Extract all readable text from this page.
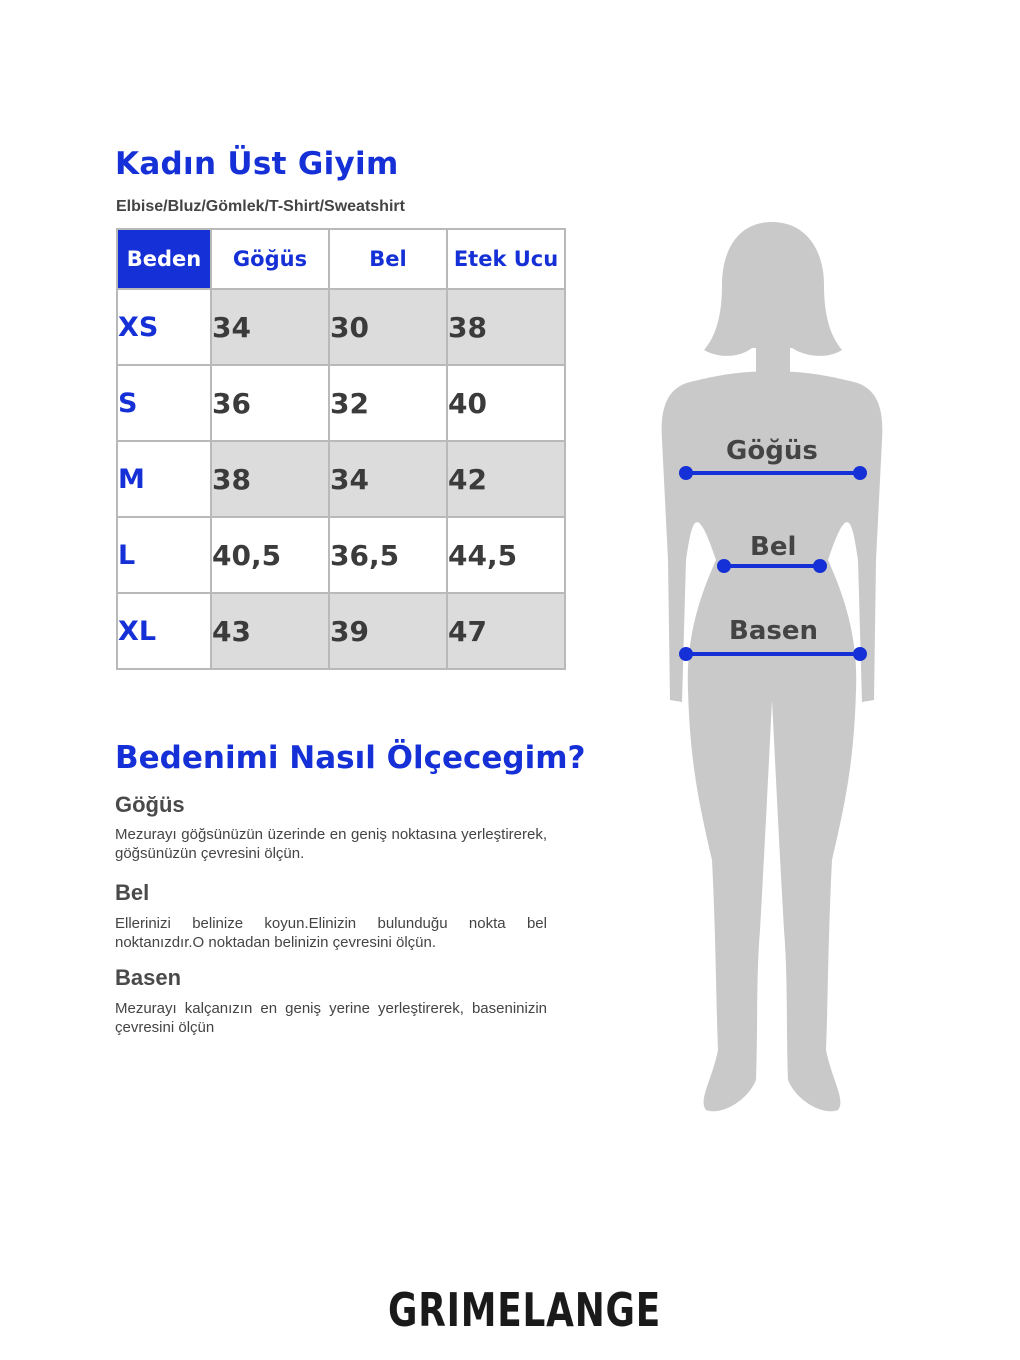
Kadın Üst Giyim
Elbise/Bluz/Gömlek/T-Shirt/Sweatshirt
Beden	Göğüs	Bel	Etek Ucu
XS	34	30	38
S	36	32	40
M	38	34	42
L	40,5	36,5	44,5
XL	43	39	47
Bedenimi Nasıl Ölçecegim?
Göğüs

Mezurayı göğsünüzün üzerinde en geniş noktasına yerleştirerek, göğsünüzün çevresini ölçün.

Bel

Ellerinizi belinize koyun.Elinizin bulunduğu nokta bel noktanızdır.O noktadan belinizin çevresini ölçün.

Basen

Mezurayı kalçanızın en geniş yerine yerleştirerek, baseninizin çevresini ölçün

Göğüs
Bel
Basen
GRIMELANGE
